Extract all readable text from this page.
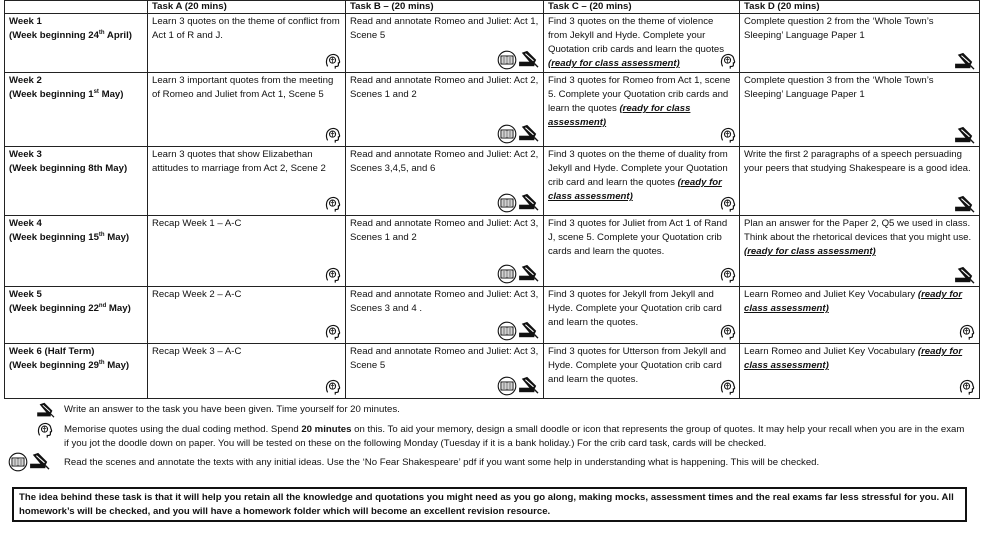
	Task A (20 mins)	Task B – (20 mins)	Task C – (20 mins)	Task D (20 mins)

Week 1
(Week beginning 24th April)	Learn 3 quotes on the theme of conflict from Act 1 of R and J.	Read and annotate Romeo and Juliet: Act 1, Scene 5	Find 3 quotes on the theme of violence from Jekyll and Hyde. Complete your Quotation crib cards and learn the quotes (ready for class assessment)	Complete question 2 from the ‘Whole Town’s Sleeping’ Language Paper 1

Week 2
(Week beginning 1st May)	Learn 3 important quotes from the meeting of Romeo and Juliet from Act 1, Scene 5	Read and annotate Romeo and Juliet: Act 2, Scenes 1 and 2	Find 3 quotes for Romeo from Act 1, scene 5. Complete your Quotation crib cards and learn the quotes (ready for class assessment)	Complete question 3 from the ‘Whole Town’s Sleeping’ Language Paper 1

Week 3
(Week beginning 8th May)	Learn 3 quotes that show Elizabethan attitudes to marriage from Act 2, Scene 2	Read and annotate Romeo and Juliet: Act 2, Scenes 3,4,5, and 6	Find 3 quotes on the theme of duality from Jekyll and Hyde. Complete your Quotation crib card and learn the quotes (ready for class assessment)	Write the first 2 paragraphs of a speech persuading your peers that studying Shakespeare is a good idea.

Week 4
(Week beginning 15th May)	Recap Week 1 – A-C	Read and annotate Romeo and Juliet: Act 3, Scenes 1 and 2	Find 3 quotes for Juliet from Act 1 of Rand J, scene 5. Complete your Quotation crib cards and learn the quotes.	Plan an answer for the Paper 2, Q5 we used in class. Think about the rhetorical devices that you might use. (ready for class assessment)

Week 5
(Week beginning 22nd May)	Recap Week 2 – A-C	Read and annotate Romeo and Juliet: Act 3, Scenes 3 and 4 .	Find 3 quotes for Jekyll from Jekyll and Hyde. Complete your Quotation crib card and learn the quotes.	Learn Romeo and Juliet Key Vocabulary (ready for class assessment)

Week 6 (Half Term)
(Week beginning 29th May)	Recap Week 3 – A-C	Read and annotate Romeo and Juliet: Act 3, Scene 5	Find 3 quotes for Utterson from Jekyll and Hyde. Complete your Quotation crib card and learn the quotes.	Learn Romeo and Juliet Key Vocabulary (ready for class assessment)
Write an answer to the task you have been given. Time yourself for 20 minutes.
Memorise quotes using the dual coding method. Spend 20 minutes on this. To aid your memory, design a small doodle or icon that represents the group of quotes. It may help your recall when you are in the exam if you jot the doodle down on paper. You will be tested on these on the following Monday (Tuesday if it is a bank holiday.) For the crib card task, cards will be checked.
Read the scenes and annotate the texts with any initial ideas. Use the ‘No Fear Shakespeare’ pdf if you want some help in understanding what is happening. This will be checked.
The idea behind these task is that it will help you retain all the knowledge and quotations you might need as you go along, making mocks, assessment times and the real exams far less stressful for you. All homework’s will be checked, and you will have a homework folder which will become an excellent revision resource.
